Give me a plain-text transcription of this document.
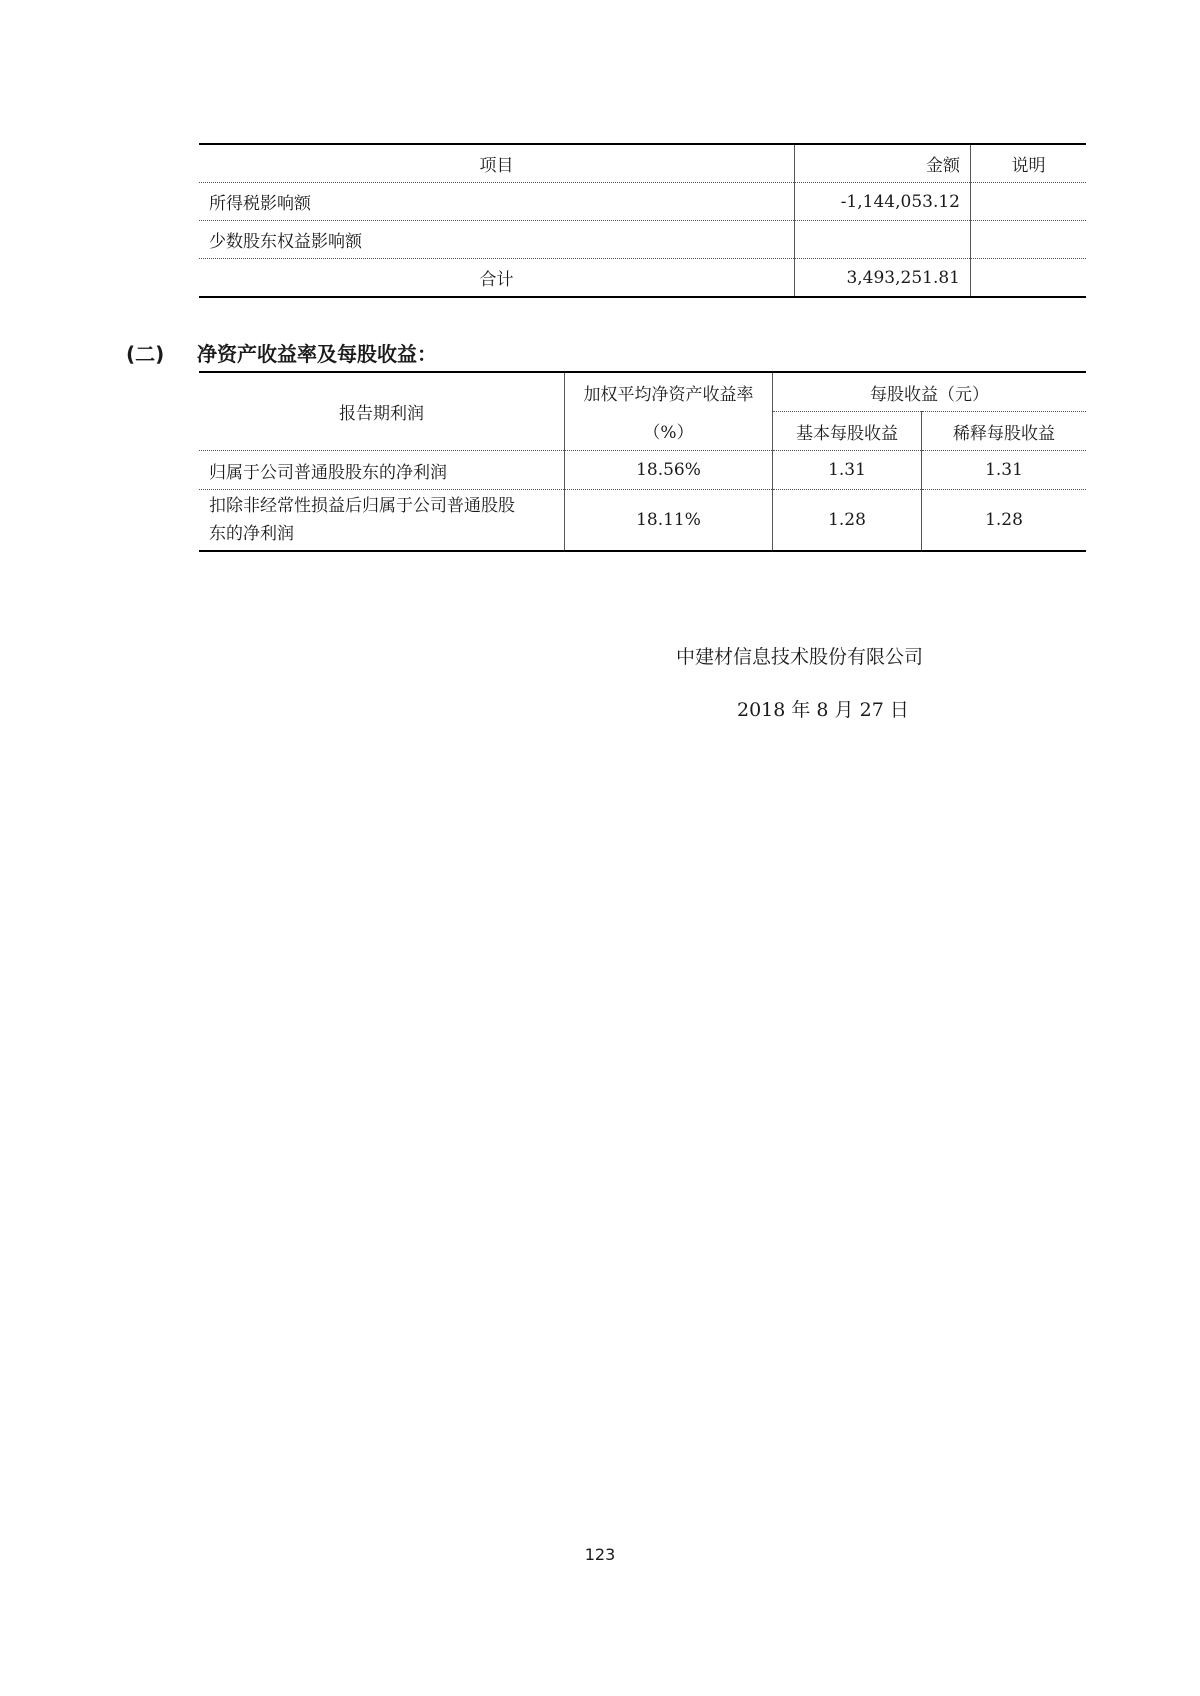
项目	金额	说明
所得税影响额	-1,144,053.12	
少数股东权益影响额		
合计	3,493,251.81	
(二) 净资产收益率及每股收益：
报告期利润	加权平均净资产收益率	每股收益（元）	
	（%）	基本每股收益	稀释每股收益
归属于公司普通股股东的净利润	18.56%	1.31	1.31

扣除非经常性损益后归属于公司普通股股
东的净利润	18.11%	1.28	1.28
中建材信息技术股份有限公司
2018 年 8 月 27 日
123
